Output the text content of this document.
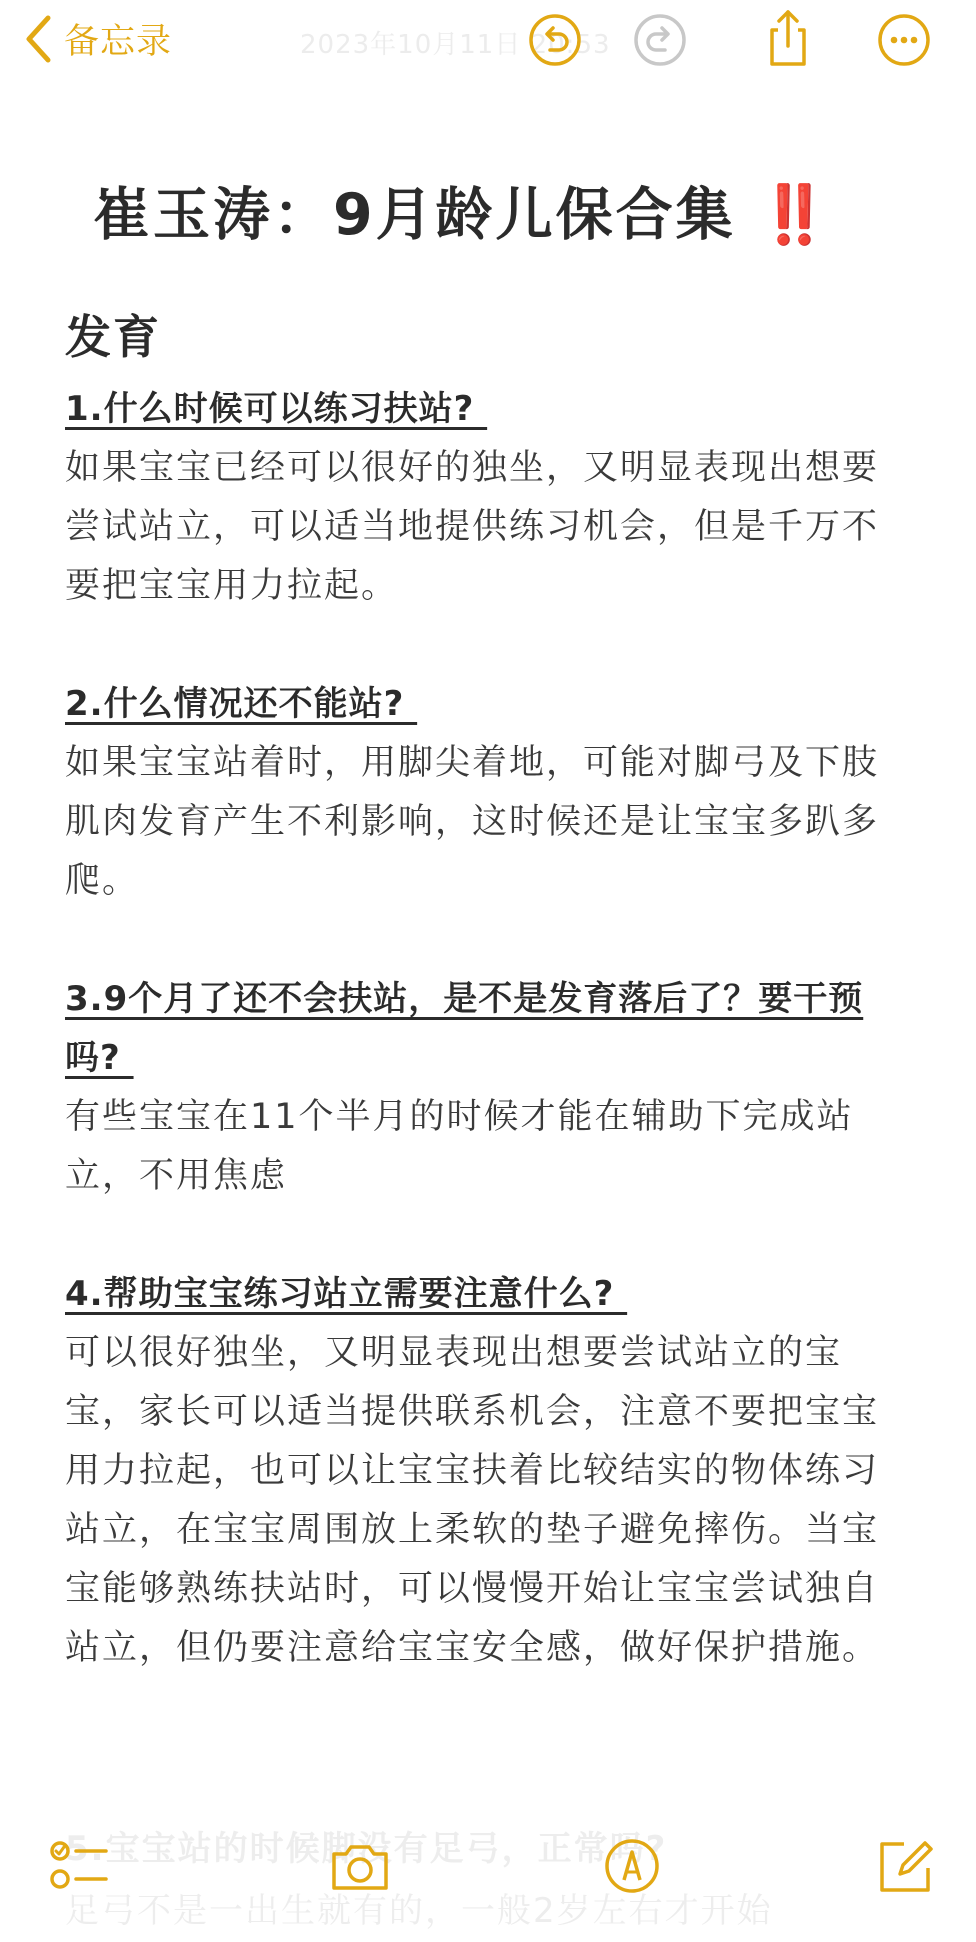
备忘录	2023年10月11日 20:53
崔玉涛：9月龄儿保合集 ‼️
发育
1.什么时候可以练习扶站?
如果宝宝已经可以很好的独坐，又明显表现出想要尝试站立，可以适当地提供练习机会，但是千万不要把宝宝用力拉起。
2.什么情况还不能站?
如果宝宝站着时，用脚尖着地，可能对脚弓及下肢肌肉发育产生不利影响，这时候还是让宝宝多趴多爬。
3.9个月了还不会扶站，是不是发育落后了？要干预吗?
有些宝宝在11个半月的时候才能在辅助下完成站立，不用焦虑
4.帮助宝宝练习站立需要注意什么?
可以很好独坐，又明显表现出想要尝试站立的宝宝，家长可以适当提供联系机会，注意不要把宝宝用力拉起，也可以让宝宝扶着比较结实的物体练习站立，在宝宝周围放上柔软的垫子避免摔伤。当宝宝能够熟练扶站时，可以慢慢开始让宝宝尝试独自站立，但仍要注意给宝宝安全感，做好保护措施。
5.宝宝站的时候脚没有足弓，正常吗?
足弓不是一出生就有的，一般2岁左右才开始
